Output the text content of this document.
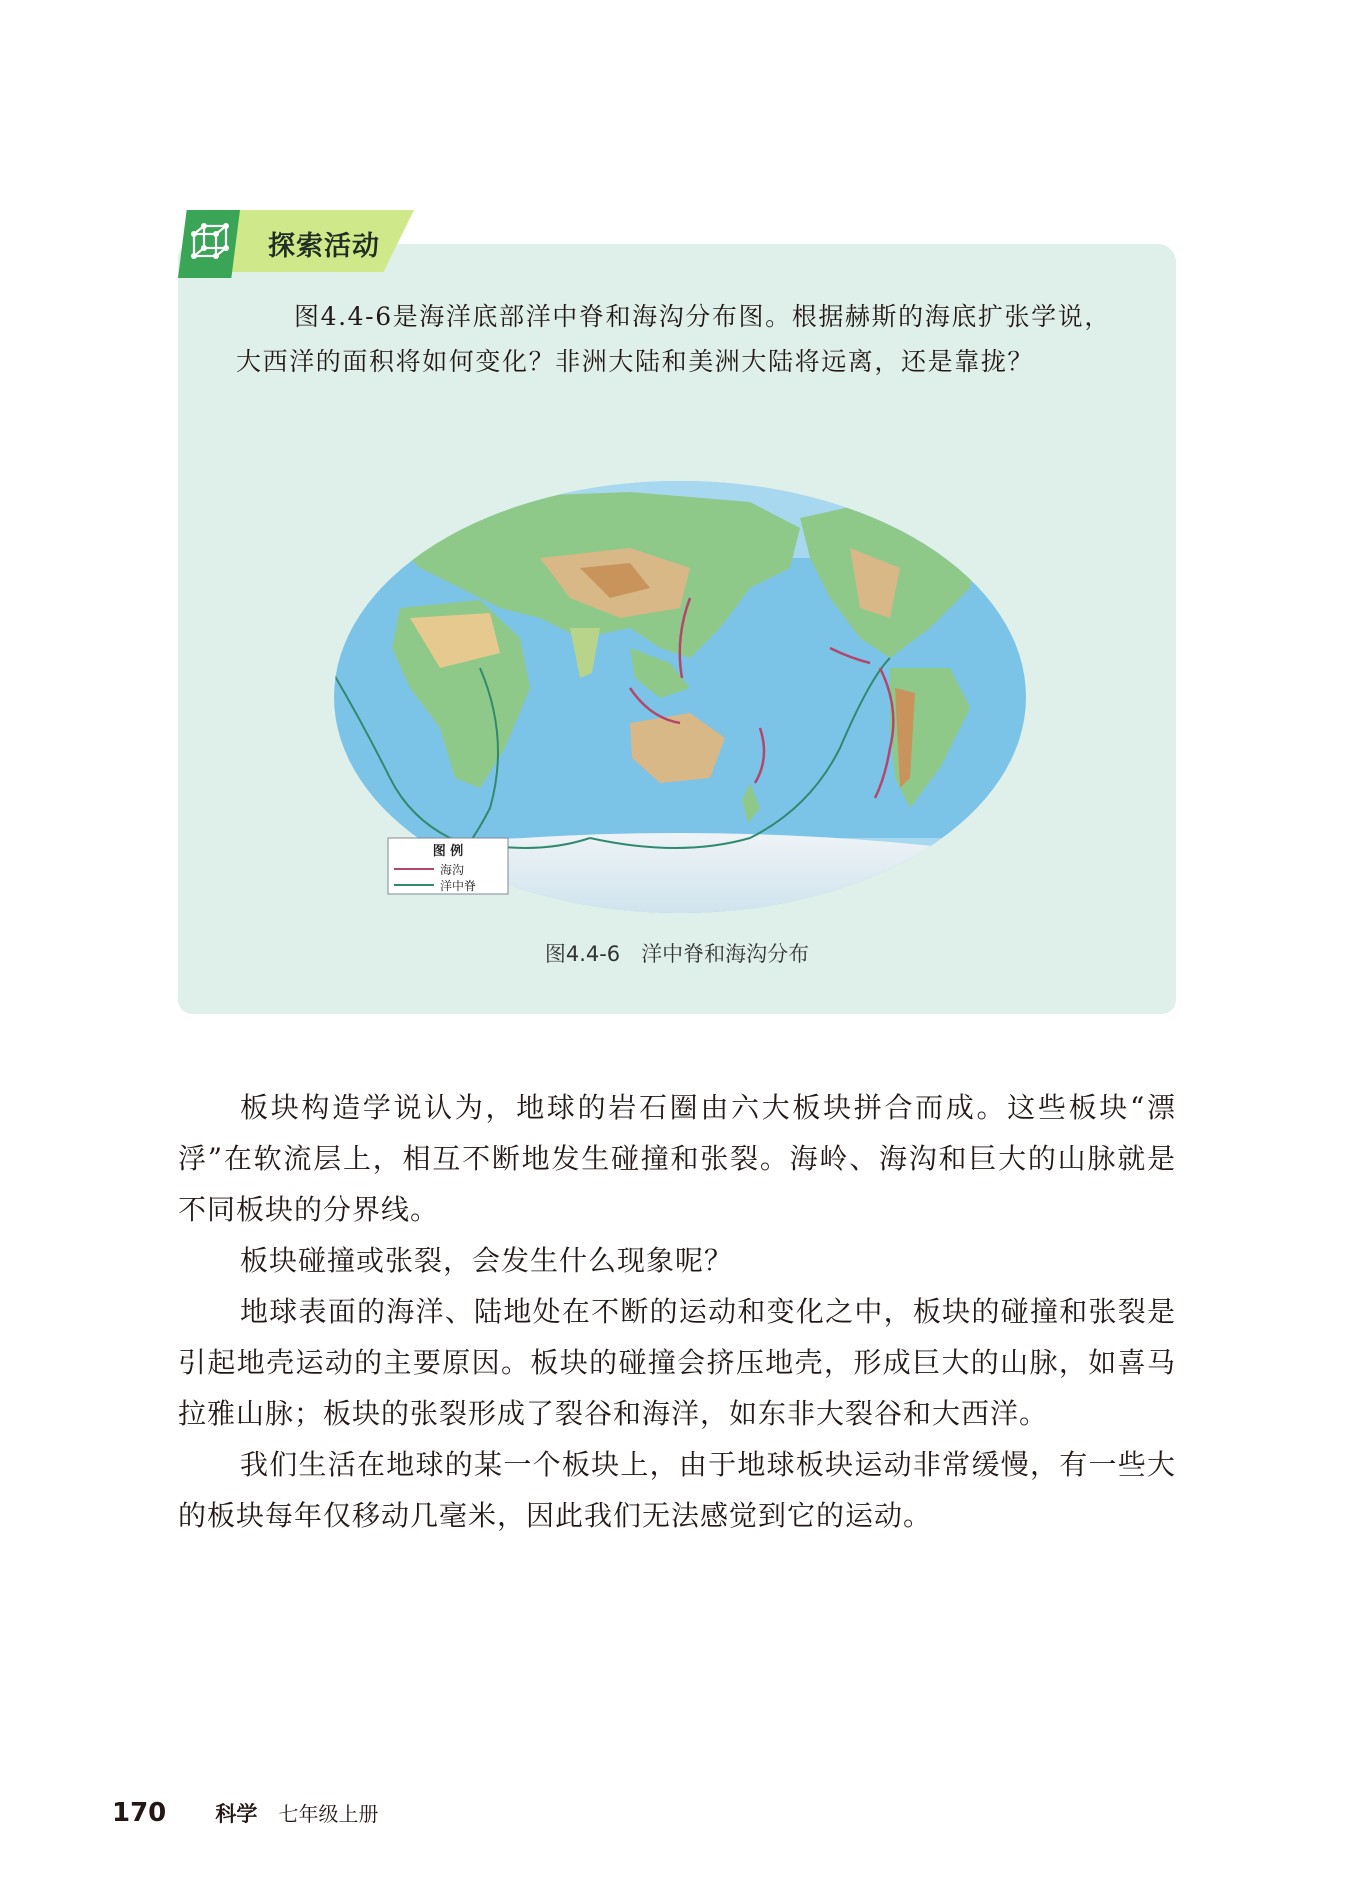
探索活动

图4.4-6是海洋底部洋中脊和海沟分布图。根据赫斯的海底扩张学说，大西洋的面积将如何变化？非洲大陆和美洲大陆将远离，还是靠拢？

图 例
海沟
洋中脊
图4.4-6　洋中脊和海沟分布

板块构造学说认为，地球的岩石圈由六大板块拼合而成。这些板块“漂浮”在软流层上，相互不断地发生碰撞和张裂。海岭、海沟和巨大的山脉就是不同板块的分界线。

板块碰撞或张裂，会发生什么现象呢？

地球表面的海洋、陆地处在不断的运动和变化之中，板块的碰撞和张裂是引起地壳运动的主要原因。板块的碰撞会挤压地壳，形成巨大的山脉，如喜马拉雅山脉；板块的张裂形成了裂谷和海洋，如东非大裂谷和大西洋。

我们生活在地球的某一个板块上，由于地球板块运动非常缓慢，有一些大的板块每年仅移动几毫米，因此我们无法感觉到它的运动。

170 科学 七年级上册
